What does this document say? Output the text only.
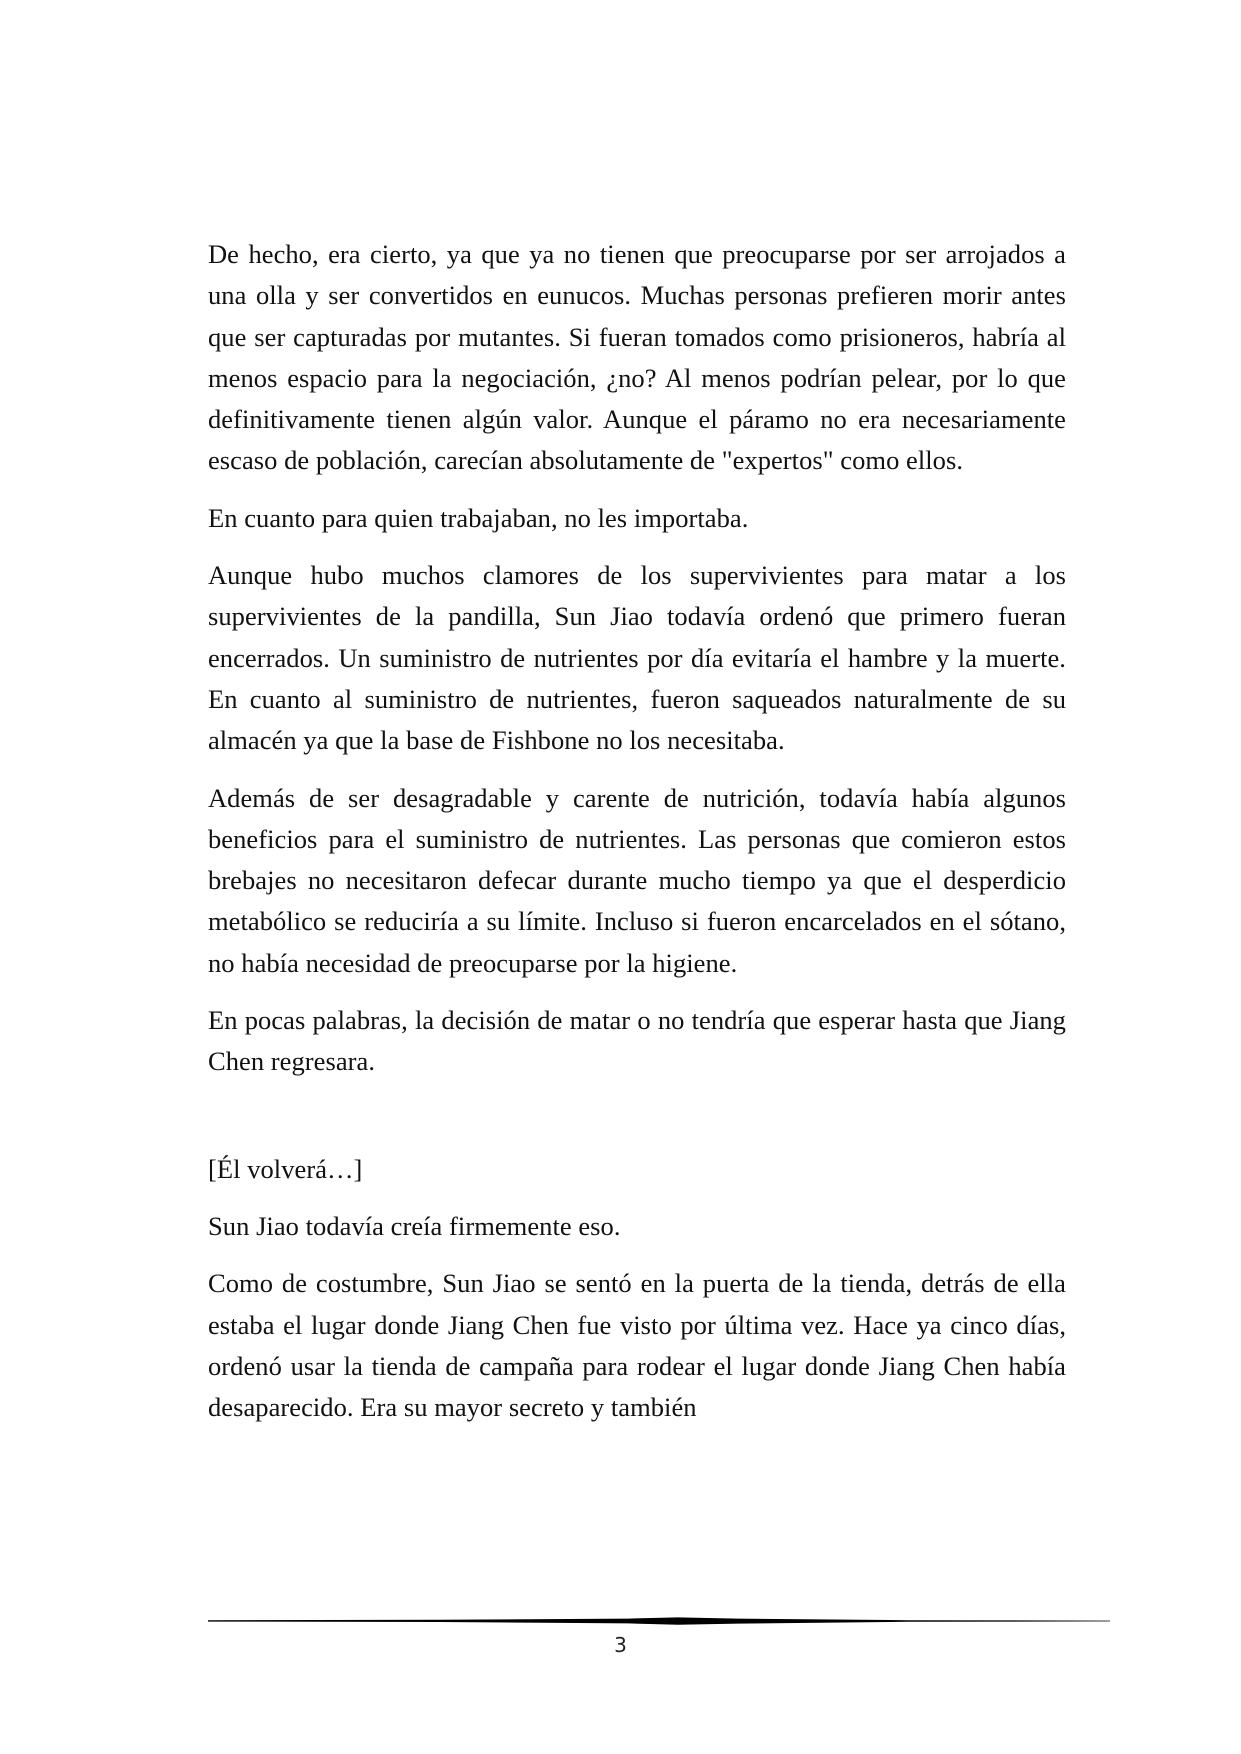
De hecho, era cierto, ya que ya no tienen que preocuparse por ser arrojados a una olla y ser convertidos en eunucos. Muchas personas prefieren morir antes que ser capturadas por mutantes. Si fueran tomados como prisioneros, habría al menos espacio para la negociación, ¿no? Al menos podrían pelear, por lo que definitivamente tienen algún valor. Aunque el páramo no era necesariamente escaso de población, carecían absolutamente de "expertos" como ellos.

En cuanto para quien trabajaban, no les importaba.

Aunque hubo muchos clamores de los supervivientes para matar a los supervivientes de la pandilla, Sun Jiao todavía ordenó que primero fueran encerrados. Un suministro de nutrientes por día evitaría el hambre y la muerte. En cuanto al suministro de nutrientes, fueron saqueados naturalmente de su almacén ya que la base de Fishbone no los necesitaba.

Además de ser desagradable y carente de nutrición, todavía había algunos beneficios para el suministro de nutrientes. Las personas que comieron estos brebajes no necesitaron defecar durante mucho tiempo ya que el desperdicio metabólico se reduciría a su límite. Incluso si fueron encarcelados en el sótano, no había necesidad de preocuparse por la higiene.

En pocas palabras, la decisión de matar o no tendría que esperar hasta que Jiang Chen regresara.

[Él volverá…]

Sun Jiao todavía creía firmemente eso.

Como de costumbre, Sun Jiao se sentó en la puerta de la tienda, detrás de ella estaba el lugar donde Jiang Chen fue visto por última vez. Hace ya cinco días, ordenó usar la tienda de campaña para rodear el lugar donde Jiang Chen había desaparecido. Era su mayor secreto y también

3
